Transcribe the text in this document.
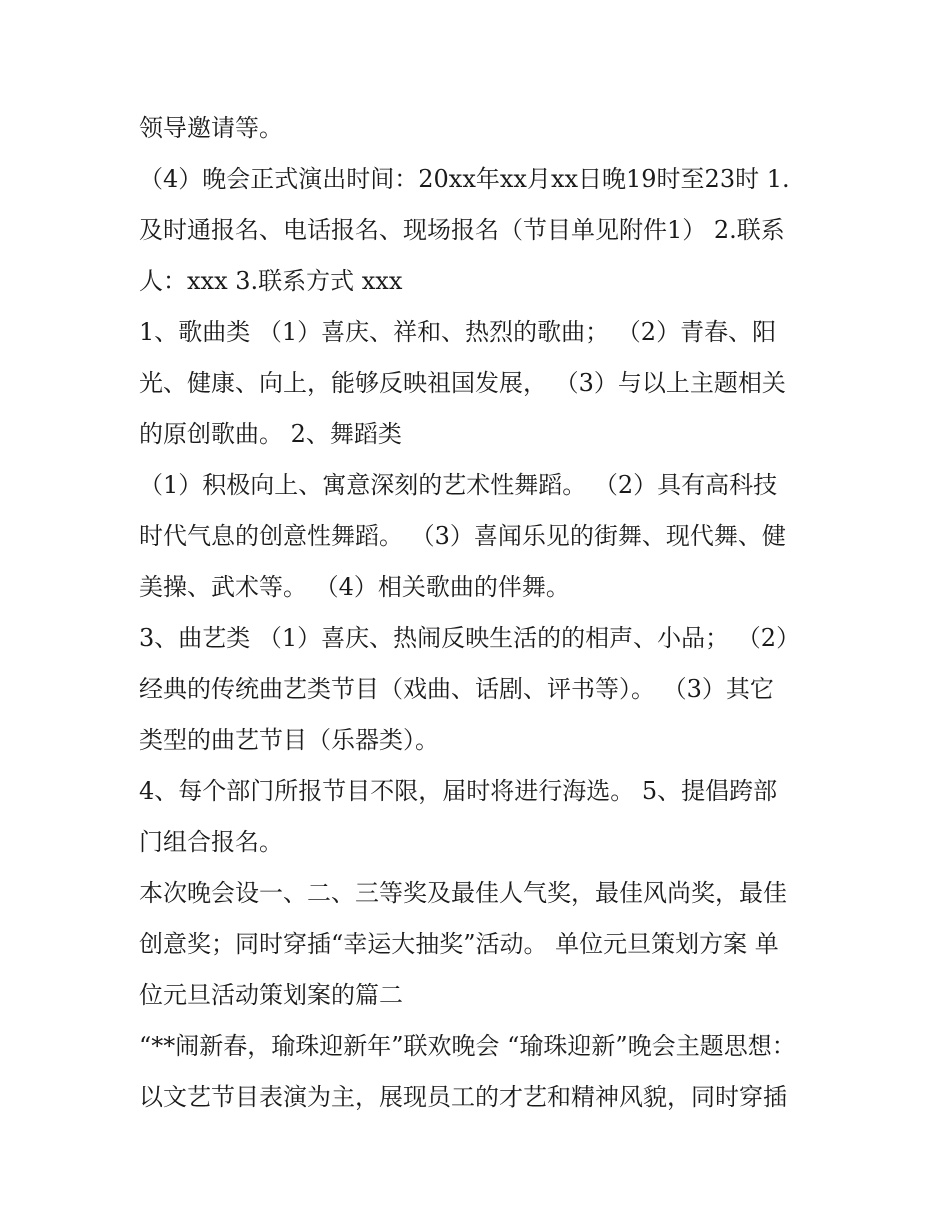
领导邀请等。
（4）晚会正式演出时间：20xx年xx月xx日晚19时至23时 1.
及时通报名、电话报名、现场报名（节目单见附件1） 2.联系
人：xxx 3.联系方式 xxx
1、歌曲类 （1）喜庆、祥和、热烈的歌曲； （2）青春、阳
光、健康、向上，能够反映祖国发展， （3）与以上主题相关
的原创歌曲。 2、舞蹈类
（1）积极向上、寓意深刻的艺术性舞蹈。 （2）具有高科技
时代气息的创意性舞蹈。 （3）喜闻乐见的街舞、现代舞、健
美操、武术等。 （4）相关歌曲的伴舞。
3、曲艺类 （1）喜庆、热闹反映生活的的相声、小品； （2）
经典的传统曲艺类节目（戏曲、话剧、评书等）。 （3）其它
类型的曲艺节目（乐器类）。
4、每个部门所报节目不限，届时将进行海选。 5、提倡跨部
门组合报名。
本次晚会设一、二、三等奖及最佳人气奖，最佳风尚奖，最佳
创意奖；同时穿插“幸运大抽奖”活动。 单位元旦策划方案 单
位元旦活动策划案的篇二
“**闹新春，瑜珠迎新年”联欢晚会 “瑜珠迎新”晚会主题思想：
以文艺节目表演为主，展现员工的才艺和精神风貌，同时穿插
